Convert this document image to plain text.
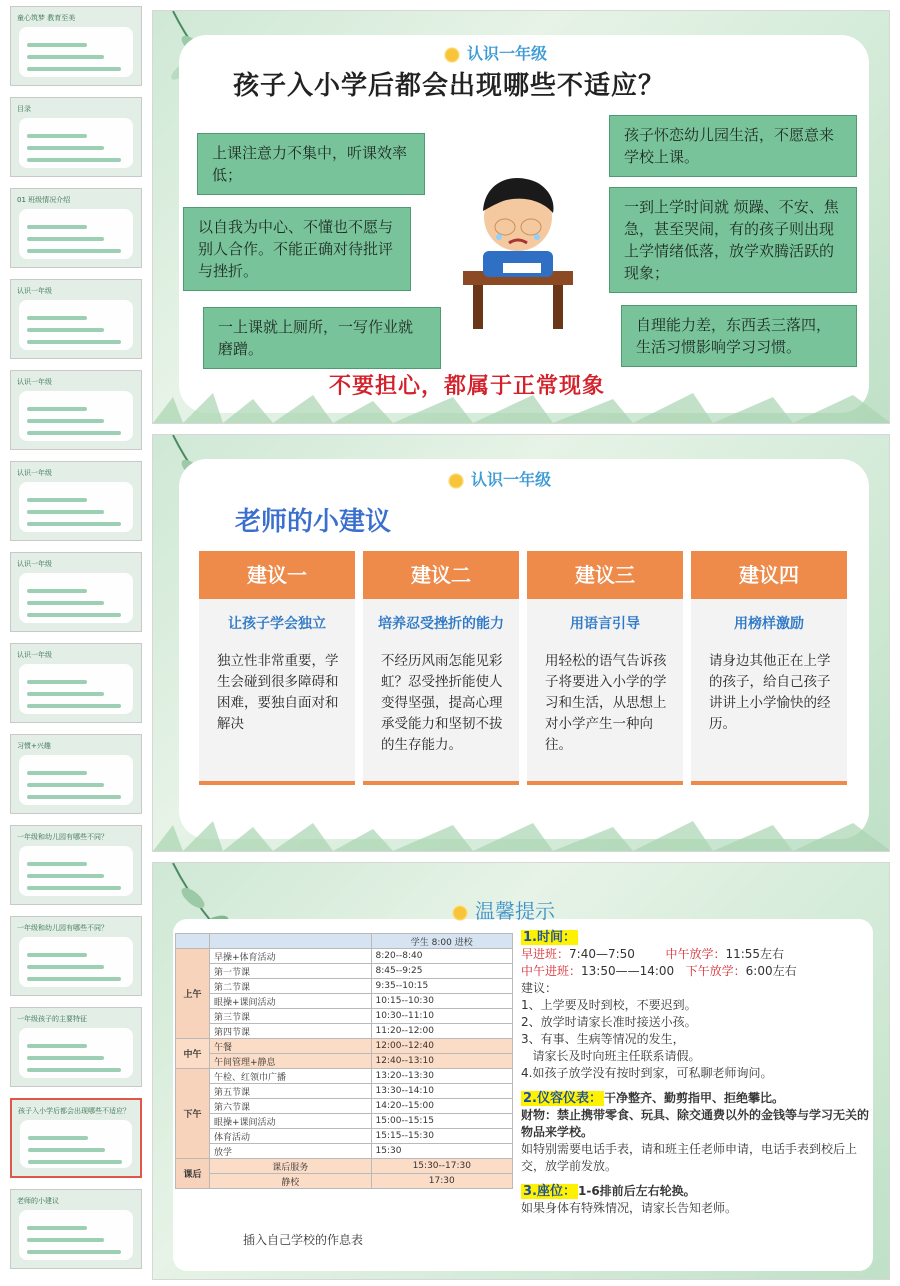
童心筑梦 教育至美
目录
01 班级情况介绍
认识一年级
认识一年级
认识一年级
认识一年级
认识一年级
习惯+兴趣
一年级和幼儿园有哪些不同？
一年级和幼儿园有哪些不同？
一年级孩子的主要特征
孩子入小学后都会出现哪些不适应？
老师的小建议
认识一年级
孩子入小学后都会出现哪些不适应？
上课注意力不集中，听课效率低；
以自我为中心、不懂也不愿与别人合作。不能正确对待批评与挫折。
一上课就上厕所，一写作业就磨蹭。
孩子怀恋幼儿园生活，不愿意来学校上课。
一到上学时间就 烦躁、不安、焦急，甚至哭闹，有的孩子则出现上学情绪低落，放学欢腾活跃的现象；
自理能力差，东西丢三落四，生活习惯影响学习习惯。
不要担心，都属于正常现象
认识一年级
老师的小建议
建议一
让孩子学会独立
独立性非常重要，学生会碰到很多障碍和困难，要独自面对和解决
建议二
培养忍受挫折的能力
不经历风雨怎能见彩虹？忍受挫折能使人变得坚强，提高心理承受能力和坚韧不拔的生存能力。
建议三
用语言引导
用轻松的语气告诉孩子将要进入小学的学习和生活，从思想上对小学产生一种向往。
建议四
用榜样激励
请身边其他正在上学的孩子，给自己孩子讲讲上小学愉快的经历。
温馨提示
		学生 8:00 进校
上午	早操+体育活动	8:20--8:40
	第一节课	8:45--9:25
	第二节课	9:35--10:15
	眼操+课间活动	10:15--10:30
	第三节课	10:30--11:10
	第四节课	11:20--12:00
中午	午餐	12:00--12:40
	午间管理+静息	12:40--13:10
下午	午检、红领巾广播	13:20--13:30
	第五节课	13:30--14:10
	第六节课	14:20--15:00
	眼操+课间活动	15:00--15:15
	体育活动	15:15--15:30
	放学	15:30
课后	课后服务	15:30--17:30
	静校	17:30
插入自己学校的作息表

1.时间：

早进班：7:40—7:50	中午放学：11:55左右

中午进班：13:50——14:00 下午放学：6:00左右

建议：

1、上学要及时到校，不要迟到。

2、放学时请家长准时接送小孩。

3、有事、生病等情况的发生，

请家长及时向班主任联系请假。

4.如孩子放学没有按时到家，可私聊老师询问。

2.仪容仪表： 干净整齐、勤剪指甲、拒绝攀比。

财物：禁止携带零食、玩具、除交通费以外的金钱等与学习无关的物品来学校。

如特别需要电话手表，请和班主任老师申请，电话手表到校后上交，放学前发放。

3.座位： 1-6排前后左右轮换。

如果身体有特殊情况，请家长告知老师。
